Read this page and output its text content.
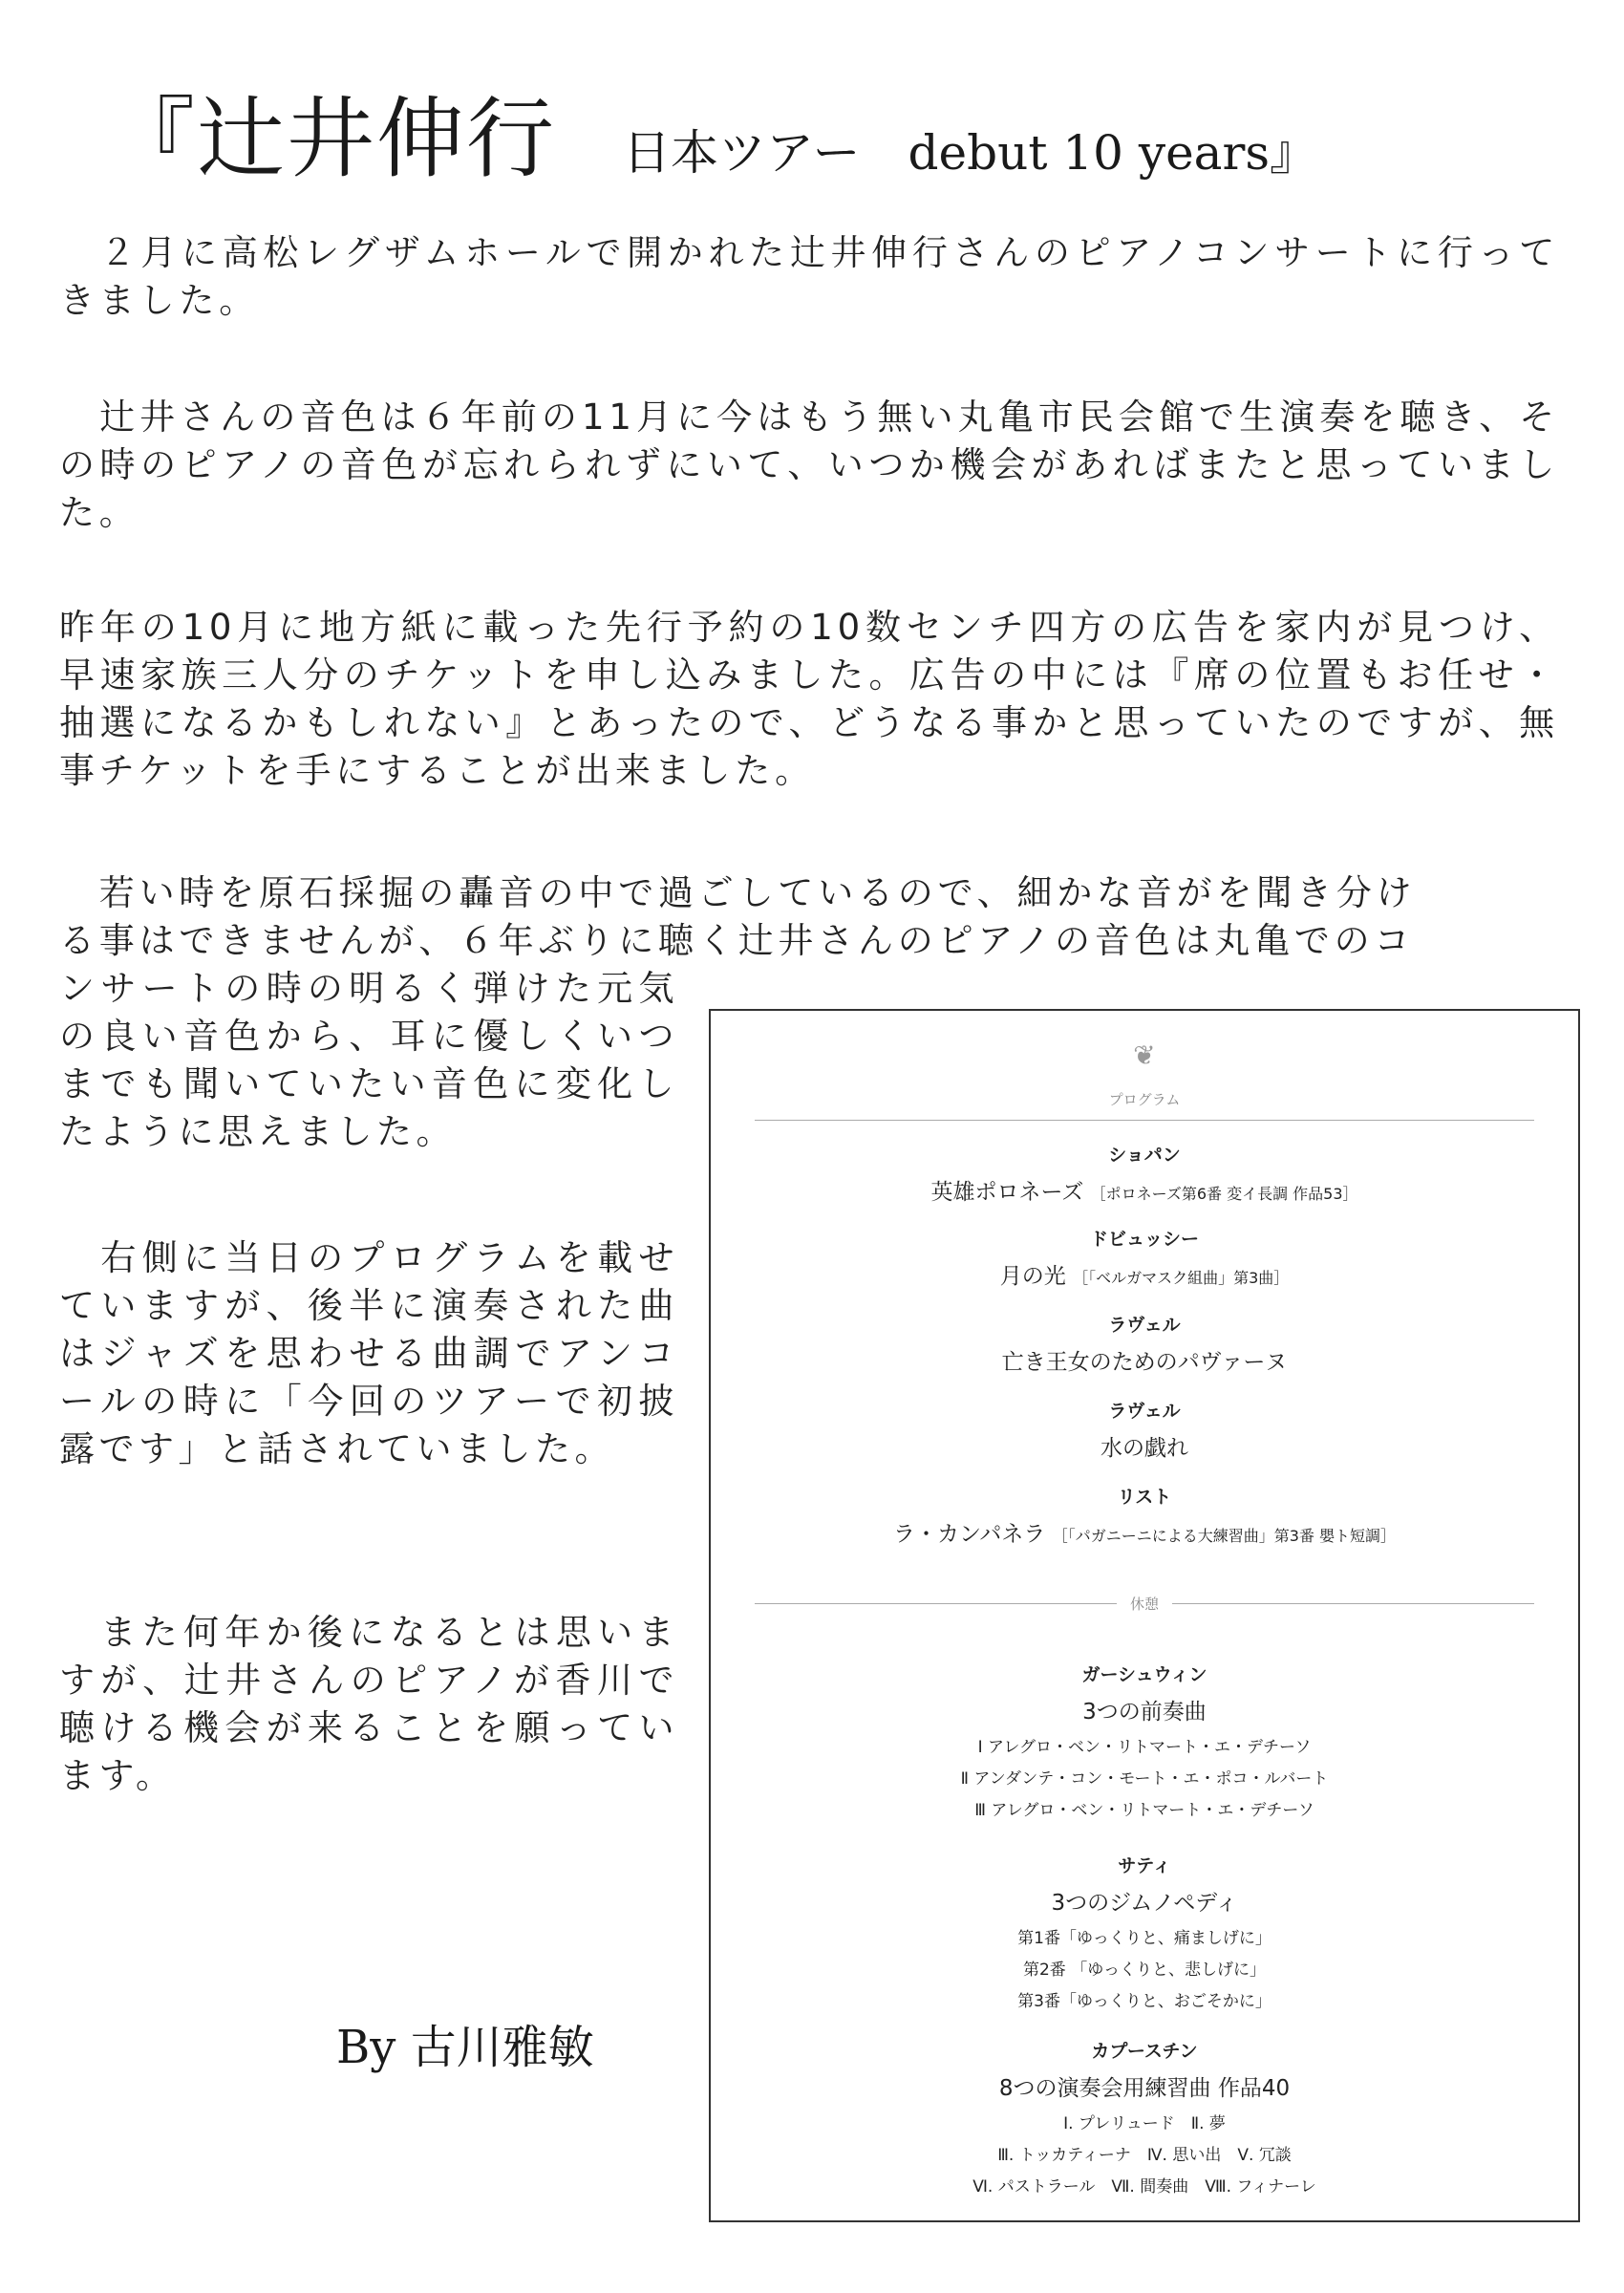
『辻井伸行 日本ツアー　debut 10 years』

　２月に高松レグザムホールで開かれた辻井伸行さんのピアノコンサートに行ってきました。

　辻井さんの音色は６年前の11月に今はもう無い丸亀市民会館で生演奏を聴き、その時のピアノの音色が忘れられずにいて、いつか機会があればまたと思っていました。

昨年の10月に地方紙に載った先行予約の10数センチ四方の広告を家内が見つけ、早速家族三人分のチケットを申し込みました。広告の中には『席の位置もお任せ・抽選になるかもしれない』とあったので、どうなる事かと思っていたのですが、無事チケットを手にすることが出来ました。

　若い時を原石採掘の轟音の中で過ごしているので、細かな音がを聞き分け
る事はできませんが、６年ぶりに聴く辻井さんのピアノの音色は丸亀でのコ
ンサートの時の明るく弾けた元気の良い音色から、耳に優しくいつまでも聞いていたい音色に変化したように思えました。

　右側に当日のプログラムを載せていますが、後半に演奏された曲はジャズを思わせる曲調でアンコールの時に「今回のツアーで初披露です」と話されていました。

　また何年か後になるとは思いますが、辻井さんのピアノが香川で聴ける機会が来ることを願っています。

By 古川雅敏
❦
プログラム
ショパン
英雄ポロネーズ ［ポロネーズ第6番 変イ長調 作品53］
ドビュッシー
月の光 ［「ベルガマスク組曲」第3曲］
ラヴェル
亡き王女のためのパヴァーヌ
ラヴェル
水の戯れ
リスト
ラ・カンパネラ ［「パガニーニによる大練習曲」第3番 嬰ト短調］
休憩
ガーシュウィン
3つの前奏曲
Ⅰ アレグロ・ベン・リトマート・エ・デチーソ
Ⅱ アンダンテ・コン・モート・エ・ポコ・ルバート
Ⅲ アレグロ・ベン・リトマート・エ・デチーソ
サティ
3つのジムノペディ
第1番「ゆっくりと、痛ましげに」
第2番 「ゆっくりと、悲しげに」
第3番「ゆっくりと、おごそかに」
カプースチン
8つの演奏会用練習曲 作品40
Ⅰ. プレリュード　Ⅱ. 夢
Ⅲ. トッカティーナ　Ⅳ. 思い出　Ⅴ. 冗談
Ⅵ. パストラール　Ⅶ. 間奏曲　Ⅷ. フィナーレ
